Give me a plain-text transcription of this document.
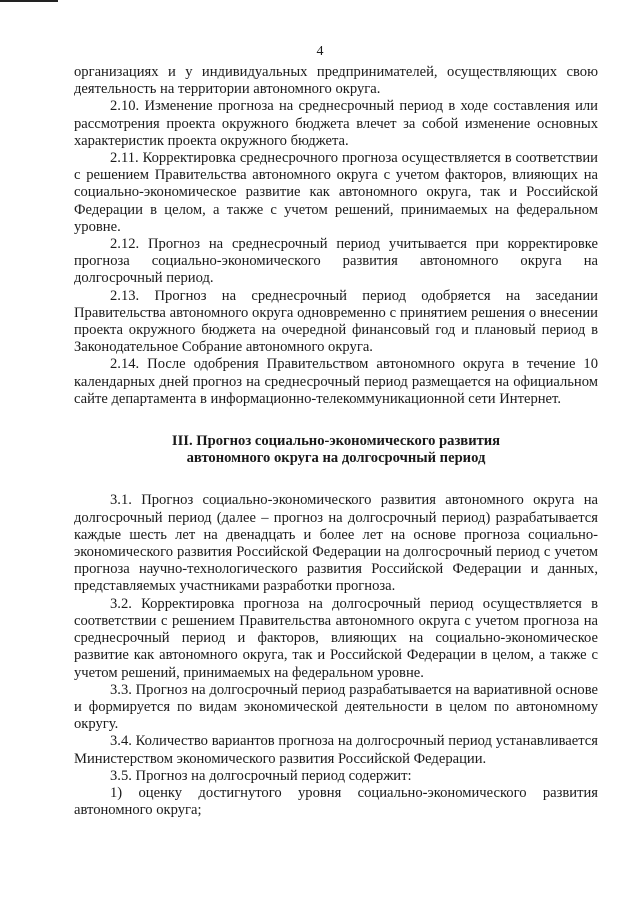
4

организациях и у индивидуальных предпринимателей, осуществляющих свою деятельность на территории автономного округа.

2.10. Изменение прогноза на среднесрочный период в ходе составления или рассмотрения проекта окружного бюджета влечет за собой изменение основных характеристик проекта окружного бюджета.

2.11. Корректировка среднесрочного прогноза осуществляется в соответствии с решением Правительства автономного округа с учетом факторов, влияющих на социально-экономическое развитие как автономного округа, так и Российской Федерации в целом, а также с учетом решений, принимаемых на федеральном уровне.

2.12. Прогноз на среднесрочный период учитывается при корректировке прогноза социально-экономического развития автономного округа на долгосрочный период.

2.13. Прогноз на среднесрочный период одобряется на заседании Правительства автономного округа одновременно с принятием решения о внесении проекта окружного бюджета на очередной финансовый год и плановый период в Законодательное Собрание автономного округа.

2.14. После одобрения Правительством автономного округа в течение 10 календарных дней прогноз на среднесрочный период размещается на официальном сайте департамента в информационно-телекоммуникационной сети Интернет.

III. Прогноз социально-экономического развития
автономного округа на долгосрочный период

3.1. Прогноз социально-экономического развития автономного округа на долгосрочный период (далее – прогноз на долгосрочный период) разрабатывается каждые шесть лет на двенадцать и более лет на основе прогноза социально-экономического развития Российской Федерации на долгосрочный период с учетом прогноза научно-технологического развития Российской Федерации и данных, представляемых участниками разработки прогноза.

3.2. Корректировка прогноза на долгосрочный период осуществляется в соответствии с решением Правительства автономного округа с учетом прогноза на среднесрочный период и факторов, влияющих на социально-экономическое развитие как автономного округа, так и Российской Федерации в целом, а также с учетом решений, принимаемых на федеральном уровне.

3.3. Прогноз на долгосрочный период разрабатывается на вариативной основе и формируется по видам экономической деятельности в целом по автономному округу.

3.4. Количество вариантов прогноза на долгосрочный период устанавливается Министерством экономического развития Российской Федерации.

3.5. Прогноз на долгосрочный период содержит:

1) оценку достигнутого уровня социально-экономического развития автономного округа;
